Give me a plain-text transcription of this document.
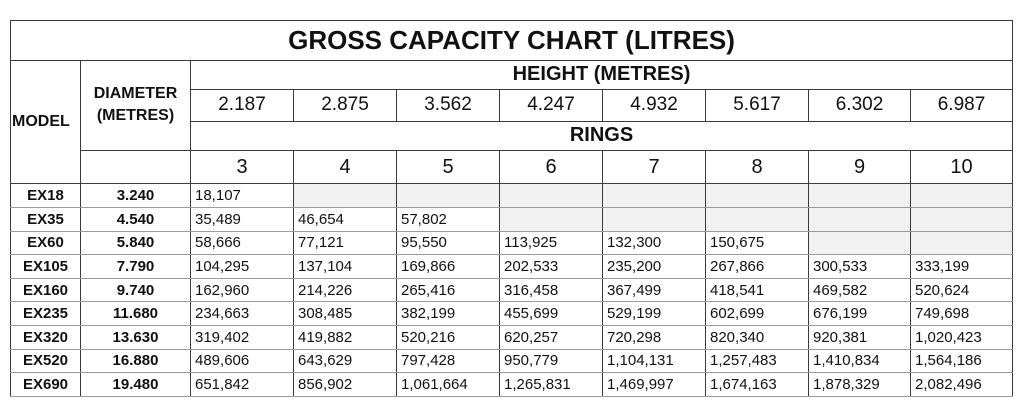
GROSS CAPACITY CHART (LITRES)									
MODEL	DIAMETER
(METRES)	HEIGHT (METRES)							
		2.187	2.875	3.562	4.247	4.932	5.617	6.302	6.987
		RINGS							
		3	4	5	6	7	8	9	10
EX18	3.240	18,107							
EX35	4.540	35,489	46,654	57,802					
EX60	5.840	58,666	77,121	95,550	113,925	132,300	150,675		
EX105	7.790	104,295	137,104	169,866	202,533	235,200	267,866	300,533	333,199
EX160	9.740	162,960	214,226	265,416	316,458	367,499	418,541	469,582	520,624
EX235	11.680	234,663	308,485	382,199	455,699	529,199	602,699	676,199	749,698
EX320	13.630	319,402	419,882	520,216	620,257	720,298	820,340	920,381	1,020,423
EX520	16.880	489,606	643,629	797,428	950,779	1,104,131	1,257,483	1,410,834	1,564,186
EX690	19.480	651,842	856,902	1,061,664	1,265,831	1,469,997	1,674,163	1,878,329	2,082,496
